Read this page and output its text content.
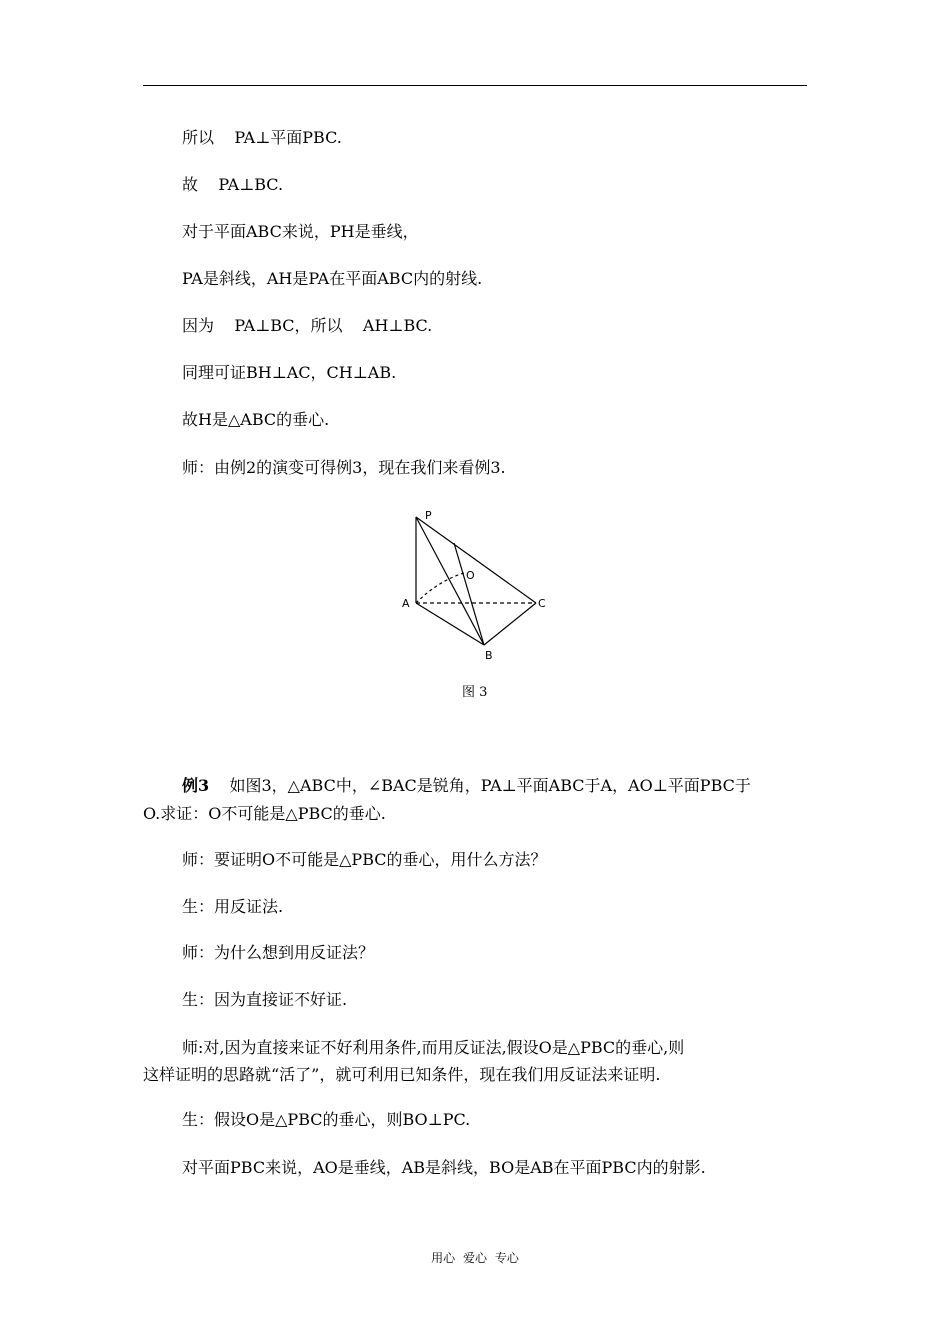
所以    PA⊥平面PBC.
故    PA⊥BC.
对于平面ABC来说，PH是垂线，
PA是斜线，AH是PA在平面ABC内的射线.
因为    PA⊥BC，所以    AH⊥BC.
同理可证BH⊥AC，CH⊥AB.
故H是△ABC的垂心.
师：由例2的演变可得例3，现在我们来看例3.
P
O
A	C
B
图 3
例3    如图3，△ABC中，∠BAC是锐角，PA⊥平面ABC于A，AO⊥平面PBC于
O.求证：O不可能是△PBC的垂心.
师：要证明O不可能是△PBC的垂心，用什么方法？
生：用反证法.
师：为什么想到用反证法？
生：因为直接证不好证.
师:对,因为直接来证不好利用条件,而用反证法,假设O是△PBC的垂心,则
这样证明的思路就“活了”，就可利用已知条件，现在我们用反证法来证明.
生：假设O是△PBC的垂心，则BO⊥PC.
对平面PBC来说，AO是垂线，AB是斜线，BO是AB在平面PBC内的射影.
用心 爱心 专心
